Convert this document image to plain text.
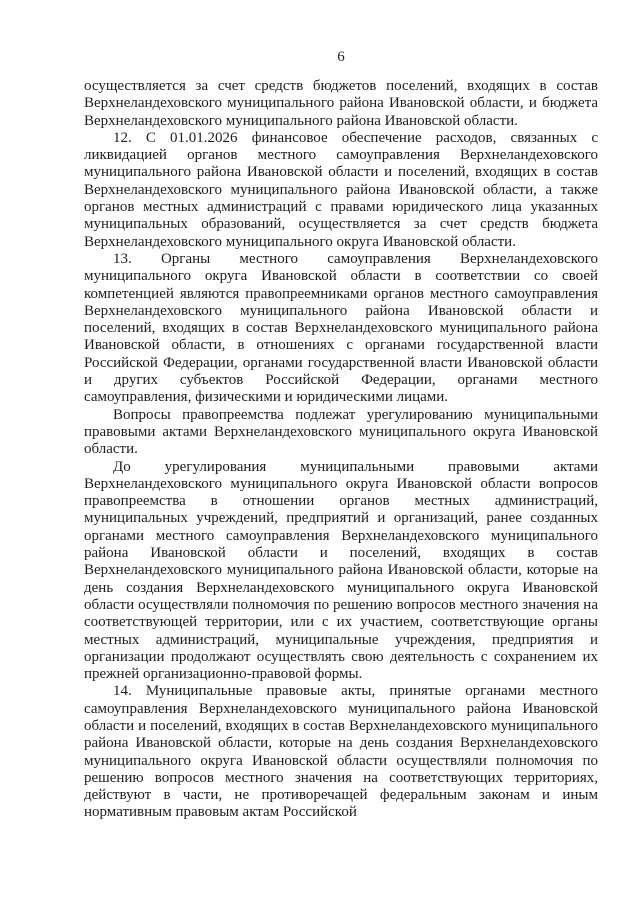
6

осуществляется за счет средств бюджетов поселений, входящих в состав Верхнеландеховского муниципального района Ивановской области, и бюджета Верхнеландеховского муниципального района Ивановской области.

12. С 01.01.2026 финансовое обеспечение расходов, связанных с ликвидацией органов местного самоуправления Верхнеландеховского муниципального района Ивановской области и поселений, входящих в состав Верхнеландеховского муниципального района Ивановской области, а также органов местных администраций с правами юридического лица указанных муниципальных образований, осуществляется за счет средств бюджета Верхнеландеховского муниципального округа Ивановской области.

13. Органы местного самоуправления Верхнеландеховского муниципального округа Ивановской области в соответствии со своей компетенцией являются правопреемниками органов местного самоуправления Верхнеландеховского муниципального района Ивановской области и поселений, входящих в состав Верхнеландеховского муниципального района Ивановской области, в отношениях с органами государственной власти Российской Федерации, органами государственной власти Ивановской области и других субъектов Российской Федерации, органами местного самоуправления, физическими и юридическими лицами.

Вопросы правопреемства подлежат урегулированию муниципальными правовыми актами Верхнеландеховского муниципального округа Ивановской области.

До урегулирования муниципальными правовыми актами Верхнеландеховского муниципального округа Ивановской области вопросов правопреемства в отношении органов местных администраций, муниципальных учреждений, предприятий и организаций, ранее созданных органами местного самоуправления Верхнеландеховского муниципального района Ивановской области и поселений, входящих в состав Верхнеландеховского муниципального района Ивановской области, которые на день создания Верхнеландеховского муниципального округа Ивановской области осуществляли полномочия по решению вопросов местного значения на соответствующей территории, или с их участием, соответствующие органы местных администраций, муниципальные учреждения, предприятия и организации продолжают осуществлять свою деятельность с сохранением их прежней организационно-правовой формы.

14. Муниципальные правовые акты, принятые органами местного самоуправления Верхнеландеховского муниципального района Ивановской области и поселений, входящих в состав Верхнеландеховского муниципального района Ивановской области, которые на день создания Верхнеландеховского муниципального округа Ивановской области осуществляли полномочия по решению вопросов местного значения на соответствующих территориях, действуют в части, не противоречащей федеральным законам и иным нормативным правовым актам Российской
